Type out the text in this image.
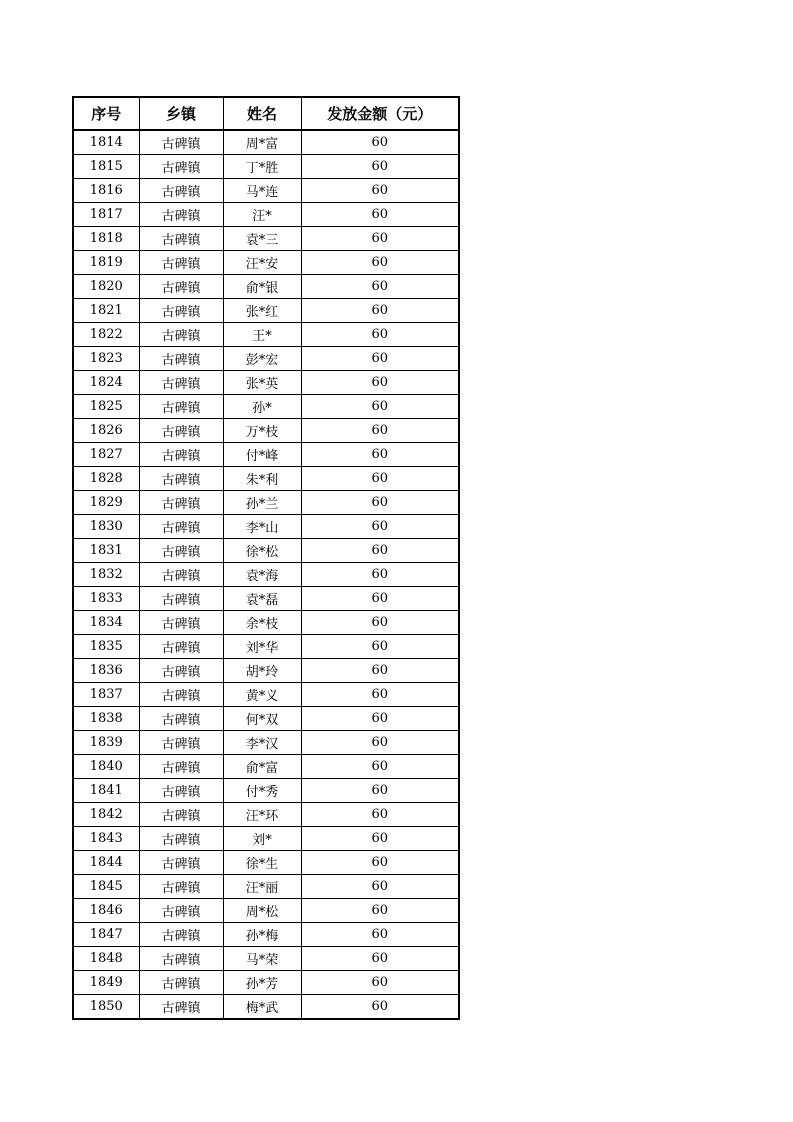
序号	乡镇	姓名	发放金额（元）
1814	古碑镇	周*富	60
1815	古碑镇	丁*胜	60
1816	古碑镇	马*连	60
1817	古碑镇	汪*	60
1818	古碑镇	袁*三	60
1819	古碑镇	汪*安	60
1820	古碑镇	俞*银	60
1821	古碑镇	张*红	60
1822	古碑镇	王*	60
1823	古碑镇	彭*宏	60
1824	古碑镇	张*英	60
1825	古碑镇	孙*	60
1826	古碑镇	万*枝	60
1827	古碑镇	付*峰	60
1828	古碑镇	朱*利	60
1829	古碑镇	孙*兰	60
1830	古碑镇	李*山	60
1831	古碑镇	徐*松	60
1832	古碑镇	袁*海	60
1833	古碑镇	袁*磊	60
1834	古碑镇	余*枝	60
1835	古碑镇	刘*华	60
1836	古碑镇	胡*玲	60
1837	古碑镇	黄*义	60
1838	古碑镇	何*双	60
1839	古碑镇	李*汉	60
1840	古碑镇	俞*富	60
1841	古碑镇	付*秀	60
1842	古碑镇	汪*环	60
1843	古碑镇	刘*	60
1844	古碑镇	徐*生	60
1845	古碑镇	汪*丽	60
1846	古碑镇	周*松	60
1847	古碑镇	孙*梅	60
1848	古碑镇	马*荣	60
1849	古碑镇	孙*芳	60
1850	古碑镇	梅*武	60
